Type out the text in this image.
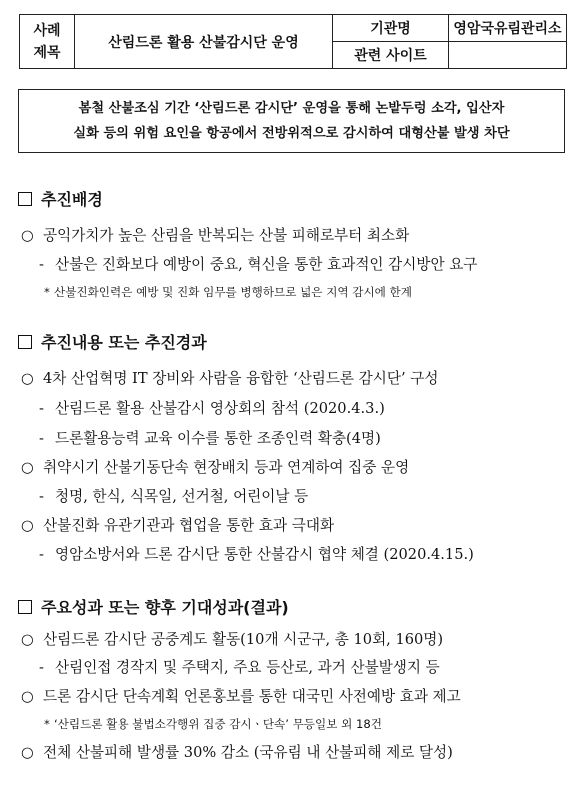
사례
제목	산림드론 활용 산불감시단 운영	기관명	영암국유림관리소
		관련 사이트	
봄철 산불조심 기간 ‘산림드론 감시단’ 운영을 통해 논밭두렁 소각, 입산자
실화 등의 위험 요인을 항공에서 전방위적으로 감시하여 대형산불 발생 차단
추진배경
○ 공익가치가 높은 산림을 반복되는 산불 피해로부터 최소화
- 산불은 진화보다 예방이 중요, 혁신을 통한 효과적인 감시방안 요구
* 산불진화인력은 예방 및 진화 임무를 병행하므로 넓은 지역 감시에 한계
추진내용 또는 추진경과
○ 4차 산업혁명 IT 장비와 사람을 융합한 ‘산림드론 감시단’ 구성
- 산림드론 활용 산불감시 영상회의 참석 (2020.4.3.)
- 드론활용능력 교육 이수를 통한 조종인력 확충(4명)
○ 취약시기 산불기동단속 현장배치 등과 연계하여 집중 운영
- 청명, 한식, 식목일, 선거철, 어린이날 등
○ 산불진화 유관기관과 협업을 통한 효과 극대화
- 영암소방서와 드론 감시단 통한 산불감시 협약 체결 (2020.4.15.)
주요성과 또는 향후 기대성과(결과)
○ 산림드론 감시단 공중계도 활동(10개 시군구, 총 10회, 160명)
- 산림인접 경작지 및 주택지, 주요 등산로, 과거 산불발생지 등
○ 드론 감시단 단속계획 언론홍보를 통한 대국민 사전예방 효과 제고
* ‘산림드론 활용 불법소각행위 집중 감시ㆍ단속’ 무등일보 외 18건
○ 전체 산불피해 발생률 30% 감소 (국유림 내 산불피해 제로 달성)
